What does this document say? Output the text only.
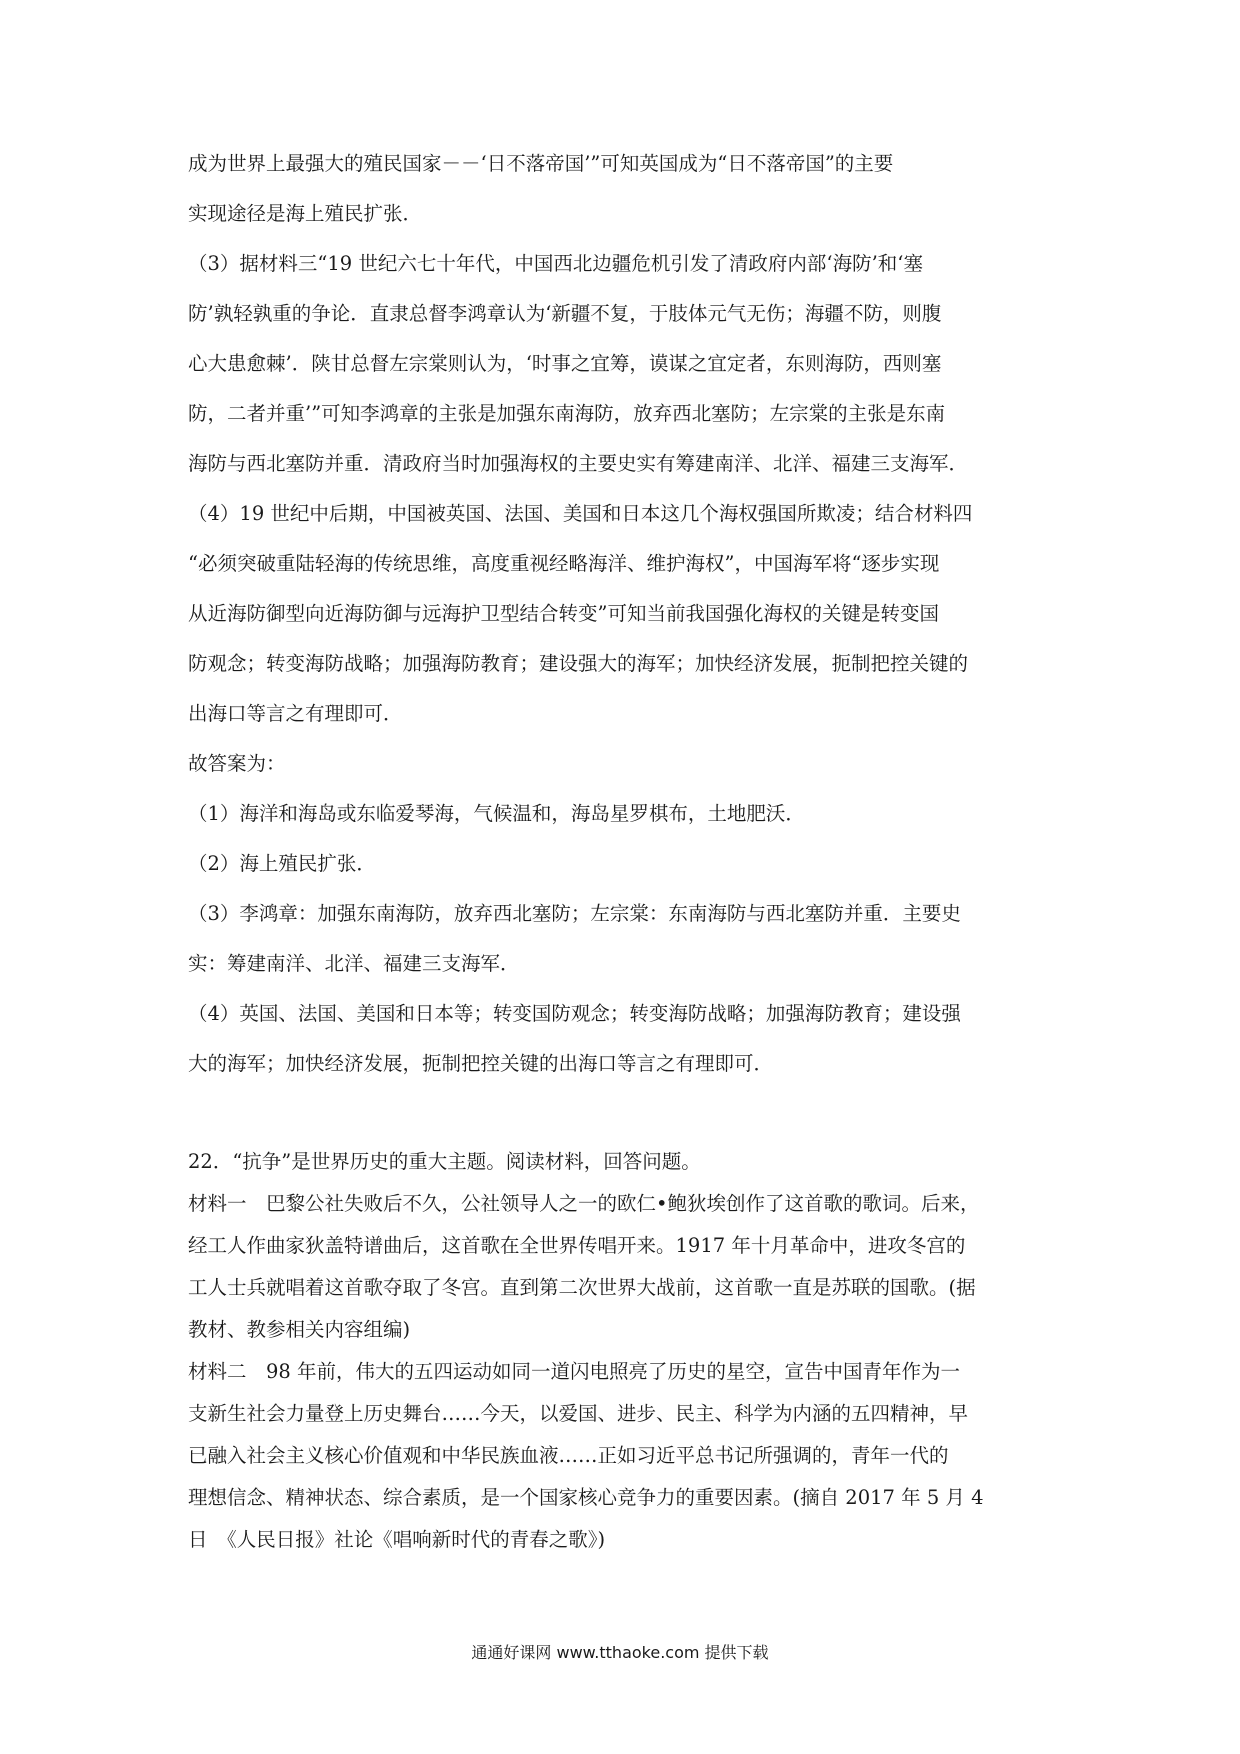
成为世界上最强大的殖民国家－－‘日不落帝国’”可知英国成为“日不落帝国”的主要
实现途径是海上殖民扩张．
（3）据材料三“19 世纪六七十年代，中国西北边疆危机引发了清政府内部‘海防’和‘塞
防’孰轻孰重的争论．直隶总督李鸿章认为‘新疆不复，于肢体元气无伤；海疆不防，则腹
心大患愈棘’．陕甘总督左宗棠则认为，‘时事之宜筹，谟谋之宜定者，东则海防，西则塞
防，二者并重’”可知李鸿章的主张是加强东南海防，放弃西北塞防；左宗棠的主张是东南
海防与西北塞防并重．清政府当时加强海权的主要史实有筹建南洋、北洋、福建三支海军．
（4）19 世纪中后期，中国被英国、法国、美国和日本这几个海权强国所欺凌；结合材料四
“必须突破重陆轻海的传统思维，高度重视经略海洋、维护海权”，中国海军将“逐步实现
从近海防御型向近海防御与远海护卫型结合转变”可知当前我国强化海权的关键是转变国
防观念；转变海防战略；加强海防教育；建设强大的海军；加快经济发展，扼制把控关键的
出海口等言之有理即可．
故答案为：
（1）海洋和海岛或东临爱琴海，气候温和，海岛星罗棋布，土地肥沃．
（2）海上殖民扩张．
（3）李鸿章：加强东南海防，放弃西北塞防；左宗棠：东南海防与西北塞防并重．主要史
实：筹建南洋、北洋、福建三支海军．
（4）英国、法国、美国和日本等；转变国防观念；转变海防战略；加强海防教育；建设强
大的海军；加快经济发展，扼制把控关键的出海口等言之有理即可．
22．“抗争”是世界历史的重大主题。阅读材料，回答问题。
材料一　巴黎公社失败后不久，公社领导人之一的欧仁•鲍狄埃创作了这首歌的歌词。后来，
经工人作曲家狄盖特谱曲后，这首歌在全世界传唱开来。1917 年十月革命中，进攻冬宫的
工人士兵就唱着这首歌夺取了冬宫。直到第二次世界大战前，这首歌一直是苏联的国歌。(据
教材、教参相关内容组编)
材料二　98 年前，伟大的五四运动如同一道闪电照亮了历史的星空，宣告中国青年作为一
支新生社会力量登上历史舞台……今天，以爱国、进步、民主、科学为内涵的五四精神，早
已融入社会主义核心价值观和中华民族血液……正如习近平总书记所强调的，青年一代的
理想信念、精神状态、综合素质，是一个国家核心竞争力的重要因素。(摘自 2017 年 5 月 4
日　《人民日报》社论《唱响新时代的青春之歌》)
通通好课网 www.tthaoke.com 提供下载
